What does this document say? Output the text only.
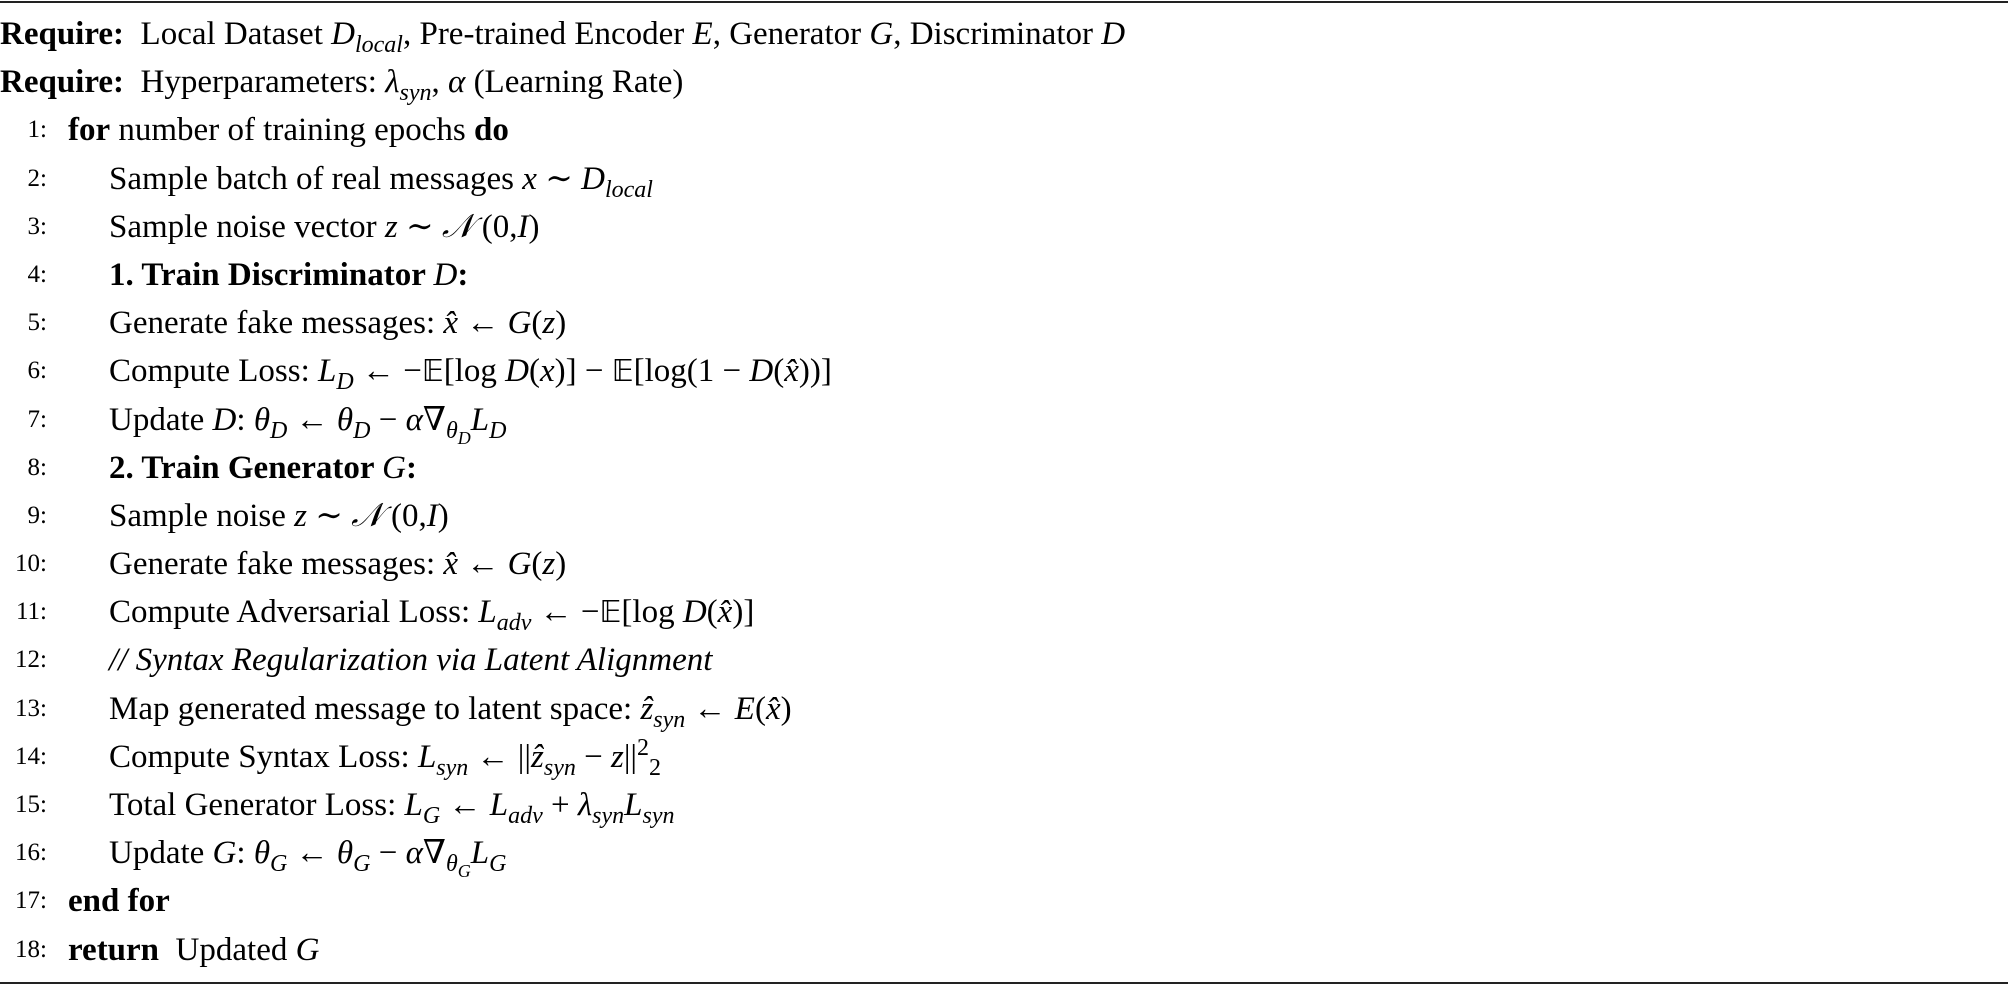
Require:  Local Dataset $D_{local}$, Pre-trained Encoder E, Generator G, Discriminator D
Require:  Hyperparameters: $\lambda_{syn}$, α (Learning Rate)
1: for number of training epochs do
2: Sample batch of real messages x ∼ $D_{local}$
3: Sample noise vector z ∼ 𝒩 (0,I)
4: 1. Train Discriminator D:
5: Generate fake messages: x̂ ← G(z)
6: Compute Loss: $L_D$ ← −𝔼[log D(x)] − 𝔼[log(1 − D(x̂))]
7: Update D: $\theta_D$ ← $\theta_D - \alpha\nabla_{\theta D}L_D$
8: 2. Train Generator G:
9: Sample noise z ∼ 𝒩 (0,I)
10: Generate fake messages: x̂ ← G(z)
11: Compute Adversarial Loss: $L_{adv}$ ← −𝔼[log D(x̂)]
12: // Syntax Regularization via Latent Alignment
13: Map generated message to latent space: ẑ$_{syn}$ ← E(x̂)
14: Compute Syntax Loss: $L_{syn}$ ← ||ẑ$_{syn}$ − $z||^2_2$
15: Total Generator Loss: $L_G$ ← $L_{adv} + \lambda_{syn}L_{syn}$
16: Update G: $\theta_G$ ← $\theta_G - \alpha\nabla_{\theta G}L_G$
17: end for
18: return  Updated G
